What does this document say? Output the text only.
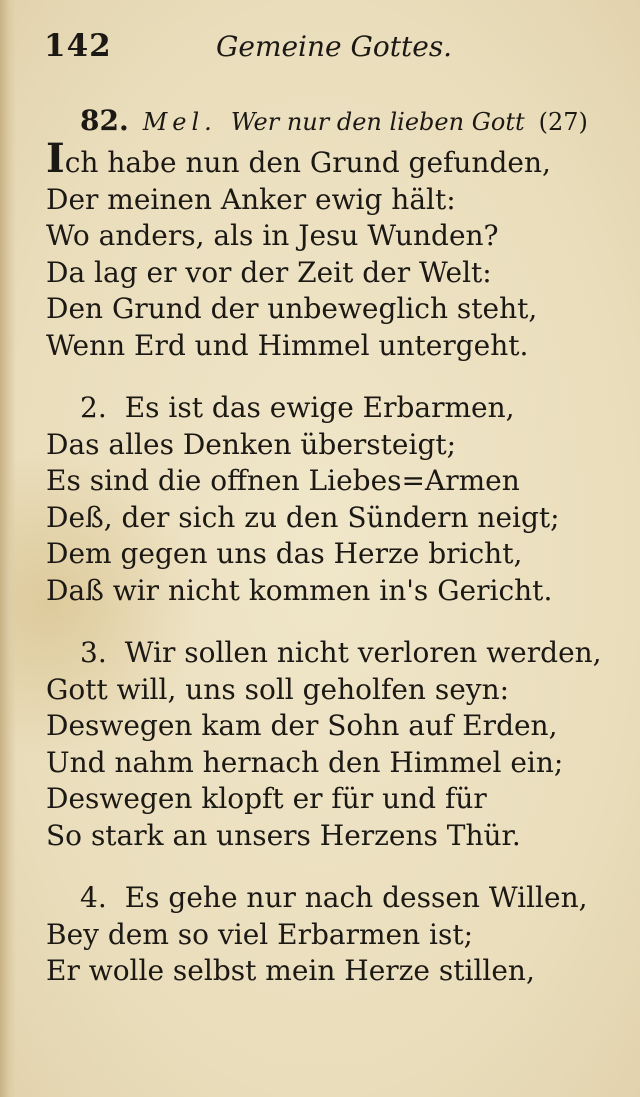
142	Gemeine Gottes.
82. Mel. Wer nur den lieben Gott (27)
Ich habe nun den Grund gefunden,
Der meinen Anker ewig hält:
Wo anders, als in Jesu Wunden?
Da lag er vor der Zeit der Welt:
Den Grund der unbeweglich steht,
Wenn Erd und Himmel untergeht.
2. Es ist das ewige Erbarmen,
Das alles Denken übersteigt;
Es sind die offnen Liebes=Armen
Deß, der sich zu den Sündern neigt;
Dem gegen uns das Herze bricht,
Daß wir nicht kommen in's Gericht.
3. Wir sollen nicht verloren werden,
Gott will, uns soll geholfen seyn:
Deswegen kam der Sohn auf Erden,
Und nahm hernach den Himmel ein;
Deswegen klopft er für und für
So stark an unsers Herzens Thür.
4. Es gehe nur nach dessen Willen,
Bey dem so viel Erbarmen ist;
Er wolle selbst mein Herze stillen,
